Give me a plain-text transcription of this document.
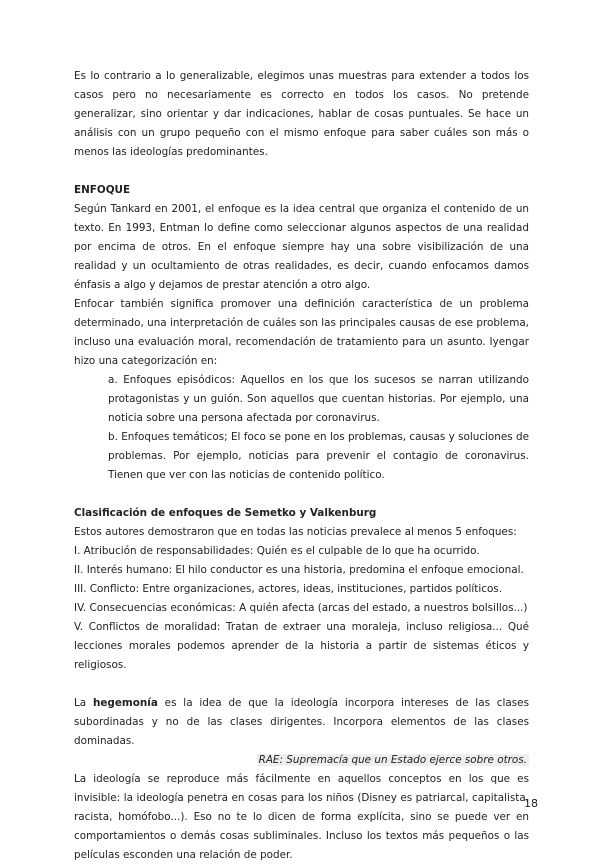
Es lo contrario a lo generalizable, elegimos unas muestras para extender a todos los casos pero no necesariamente es correcto en todos los casos. No pretende generalizar, sino orientar y dar indicaciones, hablar de cosas puntuales. Se hace un análisis con un grupo pequeño con el mismo enfoque para saber cuáles son más o menos las ideologías predominantes.

ENFOQUE

Según Tankard en 2001, el enfoque es la idea central que organiza el contenido de un texto. En 1993, Entman lo define como seleccionar algunos aspectos de una realidad por encima de otros. En el enfoque siempre hay una sobre visibilización de una realidad y un ocultamiento de otras realidades, es decir, cuando enfocamos damos énfasis a algo y dejamos de prestar atención a otro algo.

Enfocar también significa promover una definición característica de un problema determinado, una interpretación de cuáles son las principales causas de ese problema, incluso una evaluación moral, recomendación de tratamiento para un asunto. Iyengar hizo una categorización en:

a. Enfoques episódicos: Aquellos en los que los sucesos se narran utilizando protagonistas y un guión. Son aquellos que cuentan historias. Por ejemplo, una noticia sobre una persona afectada por coronavirus.

b. Enfoques temáticos; El foco se pone en los problemas, causas y soluciones de problemas. Por ejemplo, noticias para prevenir el contagio de coronavirus. Tienen que ver con las noticias de contenido político.

Clasificación de enfoques de Semetko y Valkenburg

Estos autores demostraron que en todas las noticias prevalece al menos 5 enfoques:

I. Atribución de responsabilidades: Quién es el culpable de lo que ha ocurrido.

II. Interés humano: El hilo conductor es una historia, predomina el enfoque emocional.

III. Conflicto: Entre organizaciones, actores, ideas, instituciones, partidos políticos.

IV. Consecuencias económicas: A quién afecta (arcas del estado, a nuestros bolsillos...)

V. Conflictos de moralidad: Tratan de extraer una moraleja, incluso religiosa... Qué lecciones morales podemos aprender de la historia a partir de sistemas éticos y religiosos.

La hegemonía es la idea de que la ideología incorpora intereses de las clases subordinadas y no de las clases dirigentes. Incorpora elementos de las clases dominadas.

RAE: Supremacía que un Estado ejerce sobre otros.

La ideología se reproduce más fácilmente en aquellos conceptos en los que es invisible: la ideología penetra en cosas para los niños (Disney es patriarcal, capitalista, racista, homófobo...). Eso no te lo dicen de forma explícita, sino se puede ver en comportamientos o demás cosas subliminales. Incluso los textos más pequeños o las películas esconden una relación de poder.

18
